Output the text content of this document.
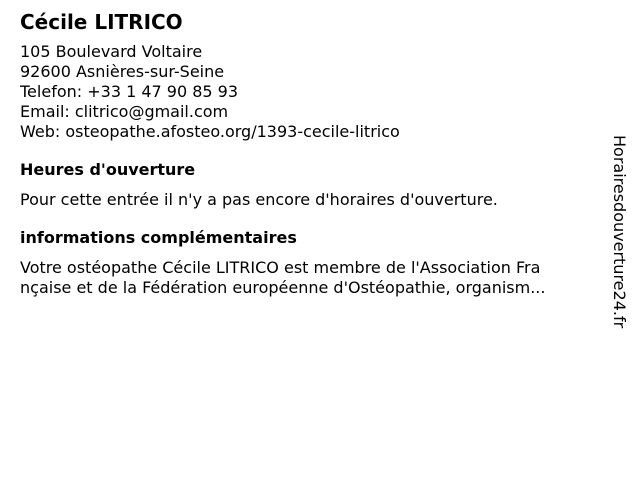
Cécile LITRICO
105 Boulevard Voltaire
92600 Asnières-sur-Seine
Telefon: +33 1 47 90 85 93
Email: clitrico@gmail.com
Web: osteopathe.afosteo.org/1393-cecile-litrico
Heures d'ouverture
Pour cette entrée il n'y a pas encore d'horaires d'ouverture.
informations complémentaires
Votre ostéopathe Cécile LITRICO est membre de l'Association Fra
nçaise et de la Fédération européenne d'Ostéopathie, organism...	Horairesdouverture24.fr
